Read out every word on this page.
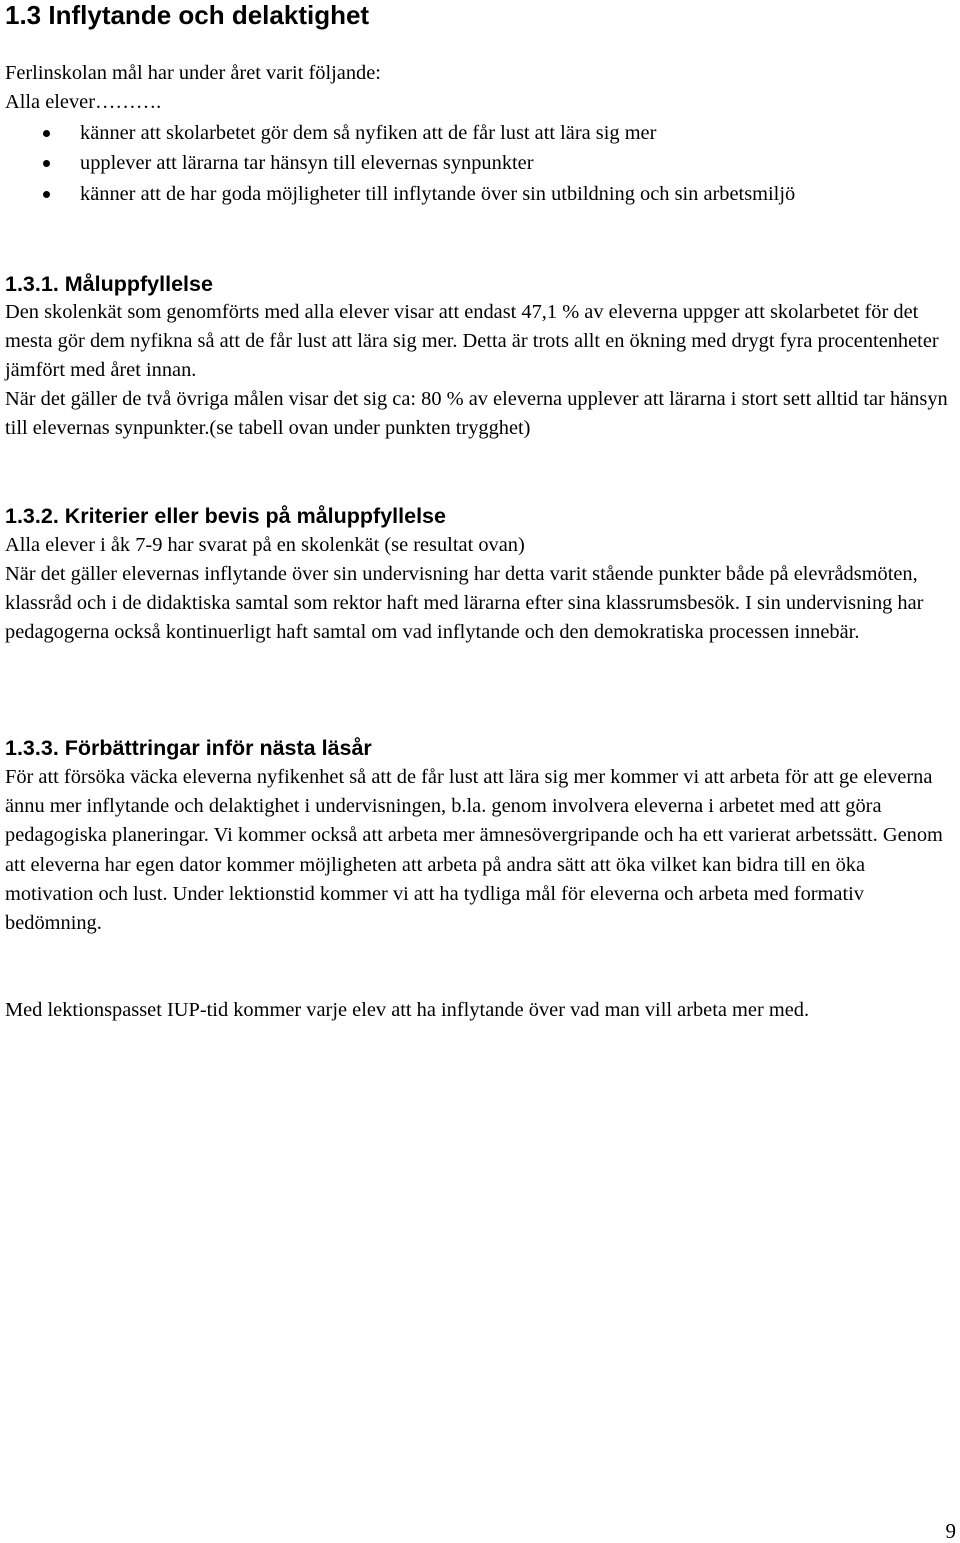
1.3 Inflytande och delaktighet

Ferlinskolan mål har under året varit följande:

Alla elever……….

känner att skolarbetet gör dem så nyfiken att de får lust att lära sig mer
upplever att lärarna tar hänsyn till elevernas synpunkter
känner att de har goda möjligheter till inflytande över sin utbildning och sin arbetsmiljö
1.3.1. Måluppfyllelse

Den skolenkät som genomförts med alla elever visar att endast 47,1 % av eleverna uppger att skolarbetet för det mesta gör dem nyfikna så att de får lust att lära sig mer. Detta är trots allt en ökning med drygt fyra procentenheter jämfört med året innan.

När det gäller de två övriga målen visar det sig ca: 80 % av eleverna upplever att lärarna i stort sett alltid tar hänsyn till elevernas synpunkter.(se tabell ovan under punkten trygghet)

1.3.2. Kriterier eller bevis på måluppfyllelse

Alla elever i åk 7-9 har svarat på en skolenkät (se resultat ovan)

När det gäller elevernas inflytande över sin undervisning har detta varit stående punkter både på elevrådsmöten, klassråd och i de didaktiska samtal som rektor haft med lärarna efter sina klassrumsbesök. I sin undervisning har pedagogerna också kontinuerligt haft samtal om vad inflytande och den demokratiska processen innebär.

1.3.3. Förbättringar inför nästa läsår

För att försöka väcka eleverna nyfikenhet så att de får lust att lära sig mer kommer vi att arbeta för att ge eleverna ännu mer inflytande och delaktighet i undervisningen, b.la. genom involvera eleverna i arbetet med att göra pedagogiska planeringar. Vi kommer också att arbeta mer ämnesövergripande och ha ett varierat arbetssätt. Genom att eleverna har egen dator kommer möjligheten att arbeta på andra sätt att öka vilket kan bidra till en öka motivation och lust. Under lektionstid kommer vi att ha tydliga mål för eleverna och arbeta med formativ bedömning.

Med lektionspasset IUP-tid kommer varje elev att ha inflytande över vad man vill arbeta mer med.

9
